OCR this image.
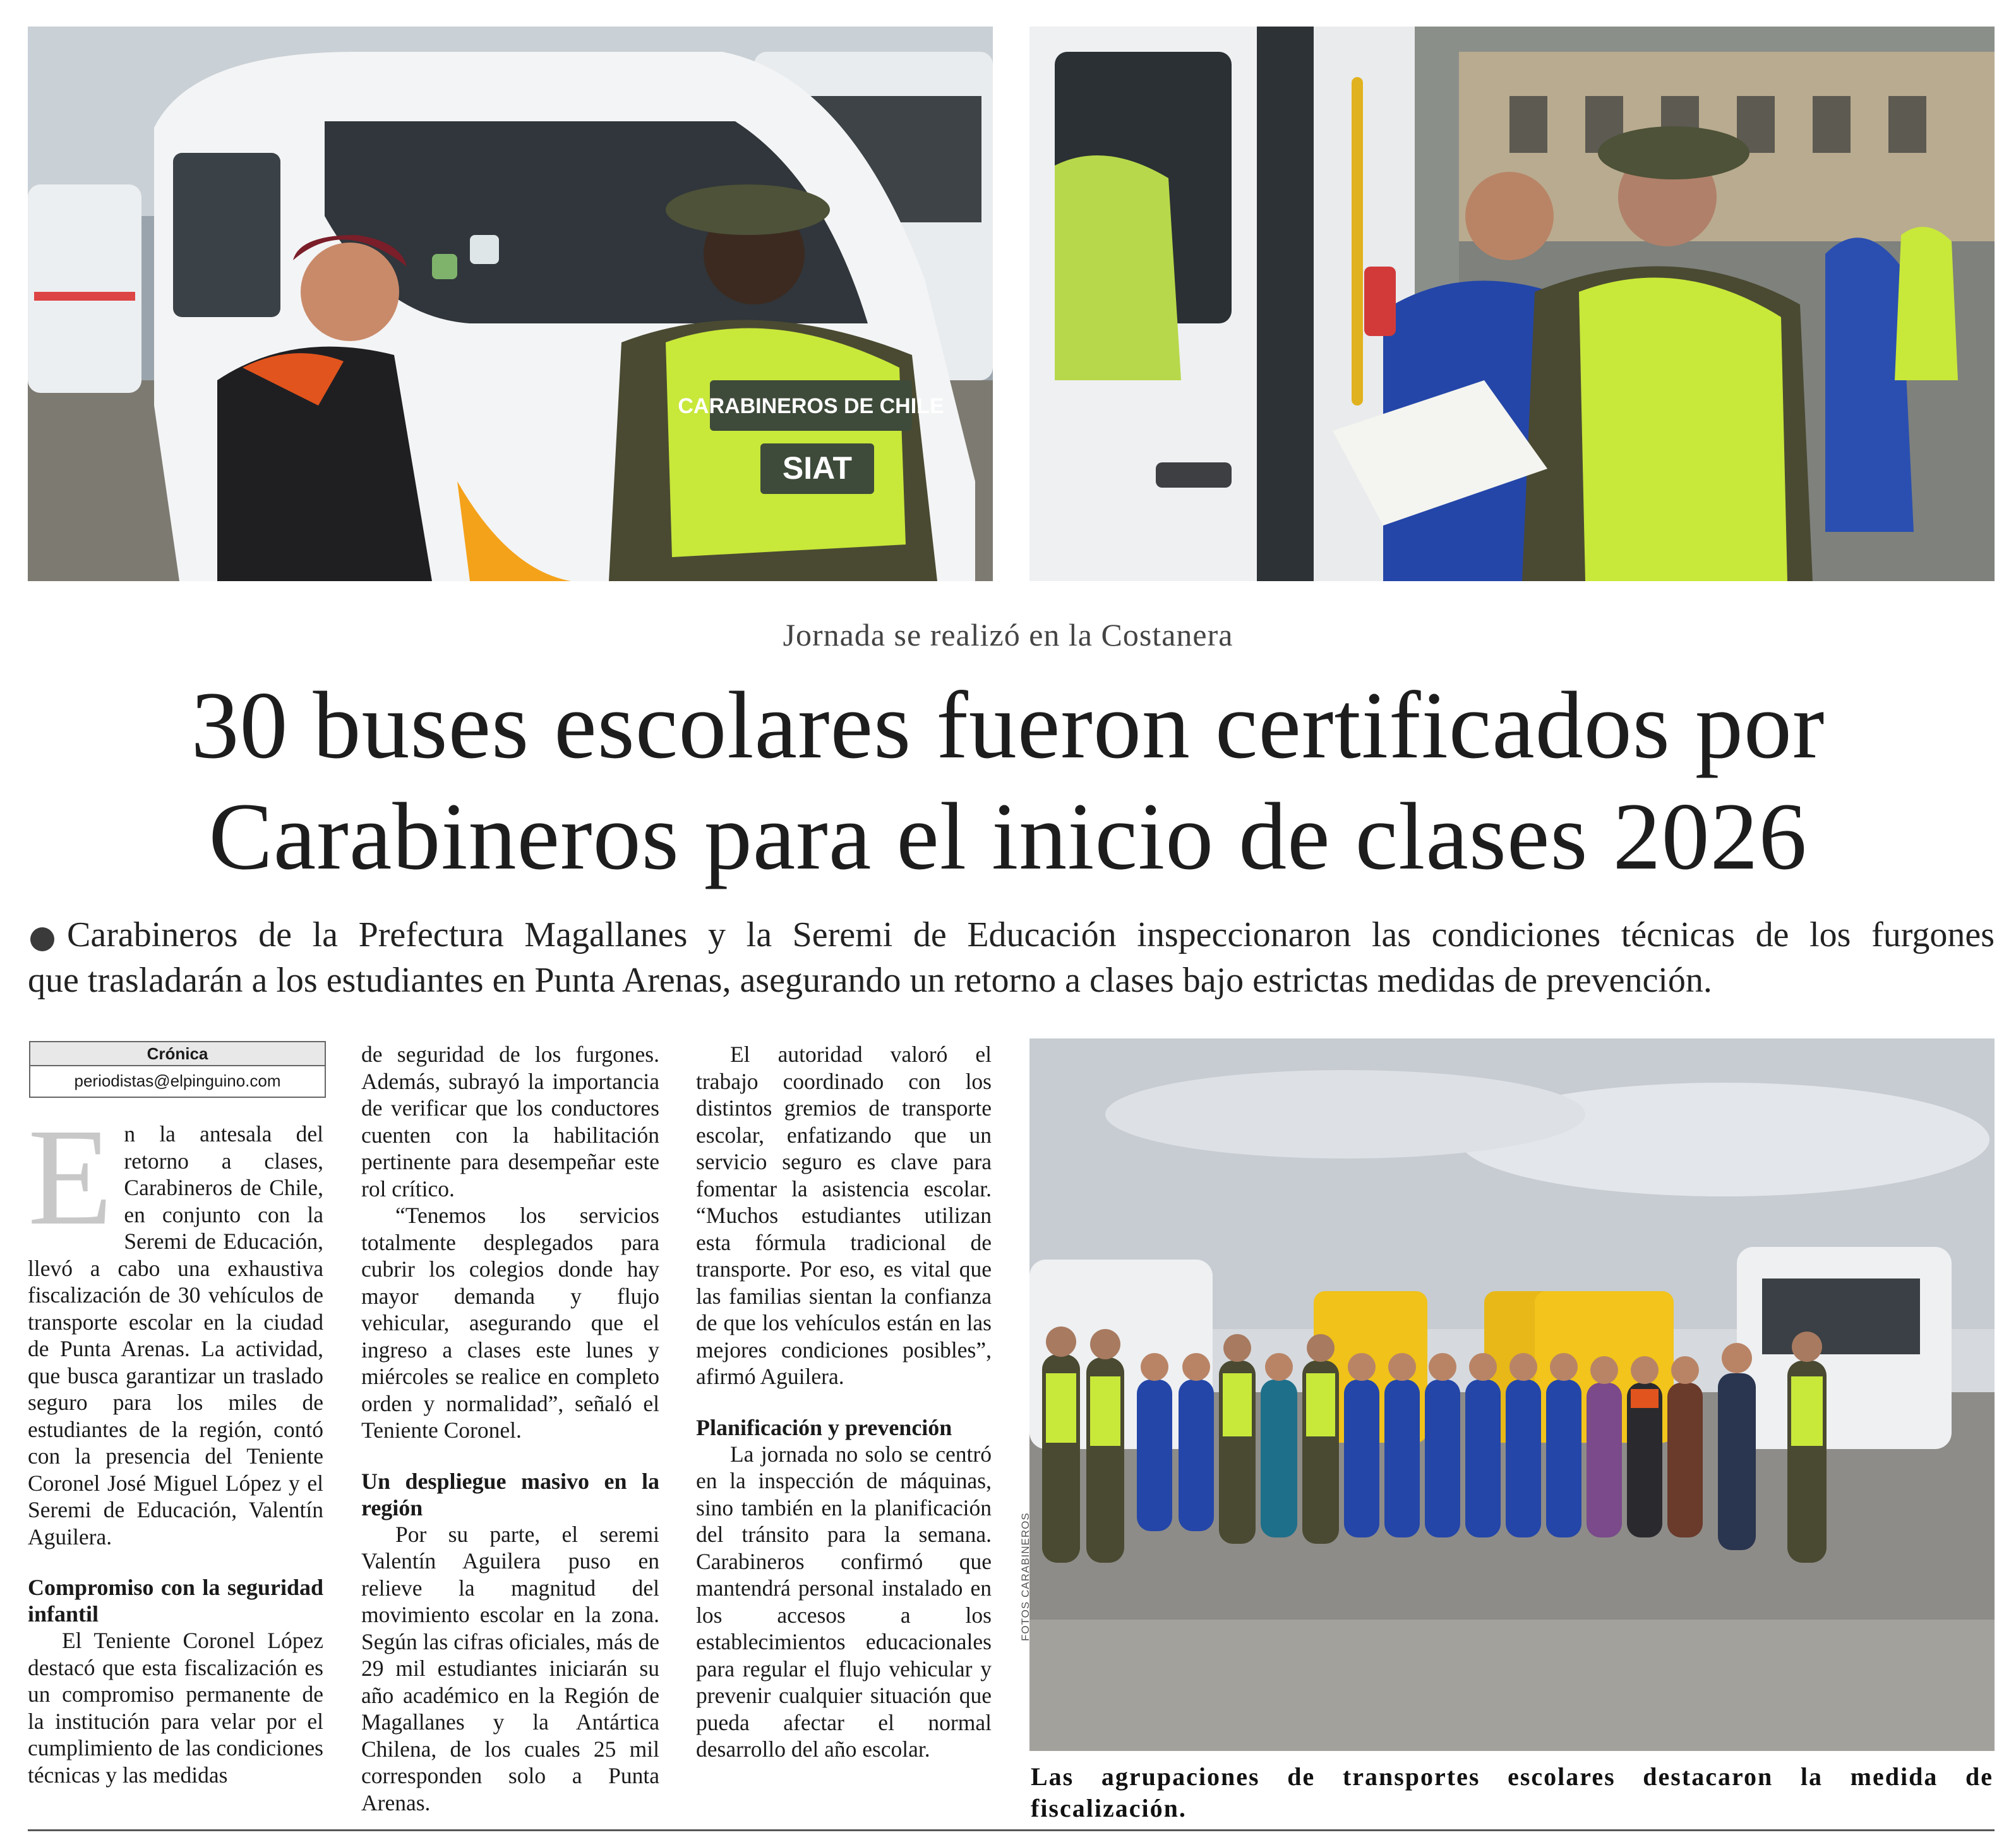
CARABINEROS DE CHILE
SIAT
Jornada se realizó en la Costanera
30 buses escolares fueron certificados por
Carabineros para el inicio de clases 2026
Carabineros de la Prefectura Magallanes y la Seremi de Educación inspeccionaron las condiciones técnicas de los furgones
que trasladarán a los estudiantes en Punta Arenas, asegurando un retorno a clases bajo estrictas medidas de prevención.
Crónica
periodistas@elpinguino.com

En la antesala del retorno a clases, Carabineros de Chile, en conjunto con la Seremi de Educación, llevó a cabo una exhaustiva fiscalización de 30 vehículos de transporte escolar en la ciudad de Punta Arenas. La actividad, que busca garantizar un traslado seguro para los miles de estudiantes de la región, contó con la presencia del Teniente Coronel José Miguel López y el Seremi de Educación, Valentín Aguilera.

Compromiso con la seguridad infantil

El Teniente Coronel López destacó que esta fiscalización es un compromiso permanente de la institución para velar por el cumplimiento de las condiciones técnicas y las medidas

de seguridad de los furgones. Además, subrayó la importancia de verificar que los conductores cuenten con la habilitación pertinente para desempeñar este rol crítico.

“Tenemos los servicios totalmente desplegados para cubrir los colegios donde hay mayor demanda y flujo vehicular, asegurando que el ingreso a clases este lunes y miércoles se realice en completo orden y normalidad”, señaló el Teniente Coronel.

Un despliegue masivo en la región

Por su parte, el seremi Valentín Aguilera puso en relieve la magnitud del movimiento escolar en la zona. Según las cifras oficiales, más de 29 mil estudiantes iniciarán su año académico en la Región de Magallanes y la Antártica Chilena, de los cuales 25 mil corresponden solo a Punta Arenas.

El autoridad valoró el trabajo coordinado con los distintos gremios de transporte escolar, enfatizando que un servicio seguro es clave para fomentar la asistencia escolar. “Muchos estudiantes utilizan esta fórmula tradicional de transporte. Por eso, es vital que las familias sientan la confianza de que los vehículos están en las mejores condiciones posibles”, afirmó Aguilera.

Planificación y prevención

La jornada no solo se centró en la inspección de máquinas, sino también en la planificación del tránsito para la semana. Carabineros confirmó que mantendrá personal instalado en los accesos a los establecimientos educacionales para regular el flujo vehicular y prevenir cualquier situación que pueda afectar el normal desarrollo del año escolar.

FOTOS CARABINEROS
Las agrupaciones de transportes escolares destacaron la medida de fiscalización.
